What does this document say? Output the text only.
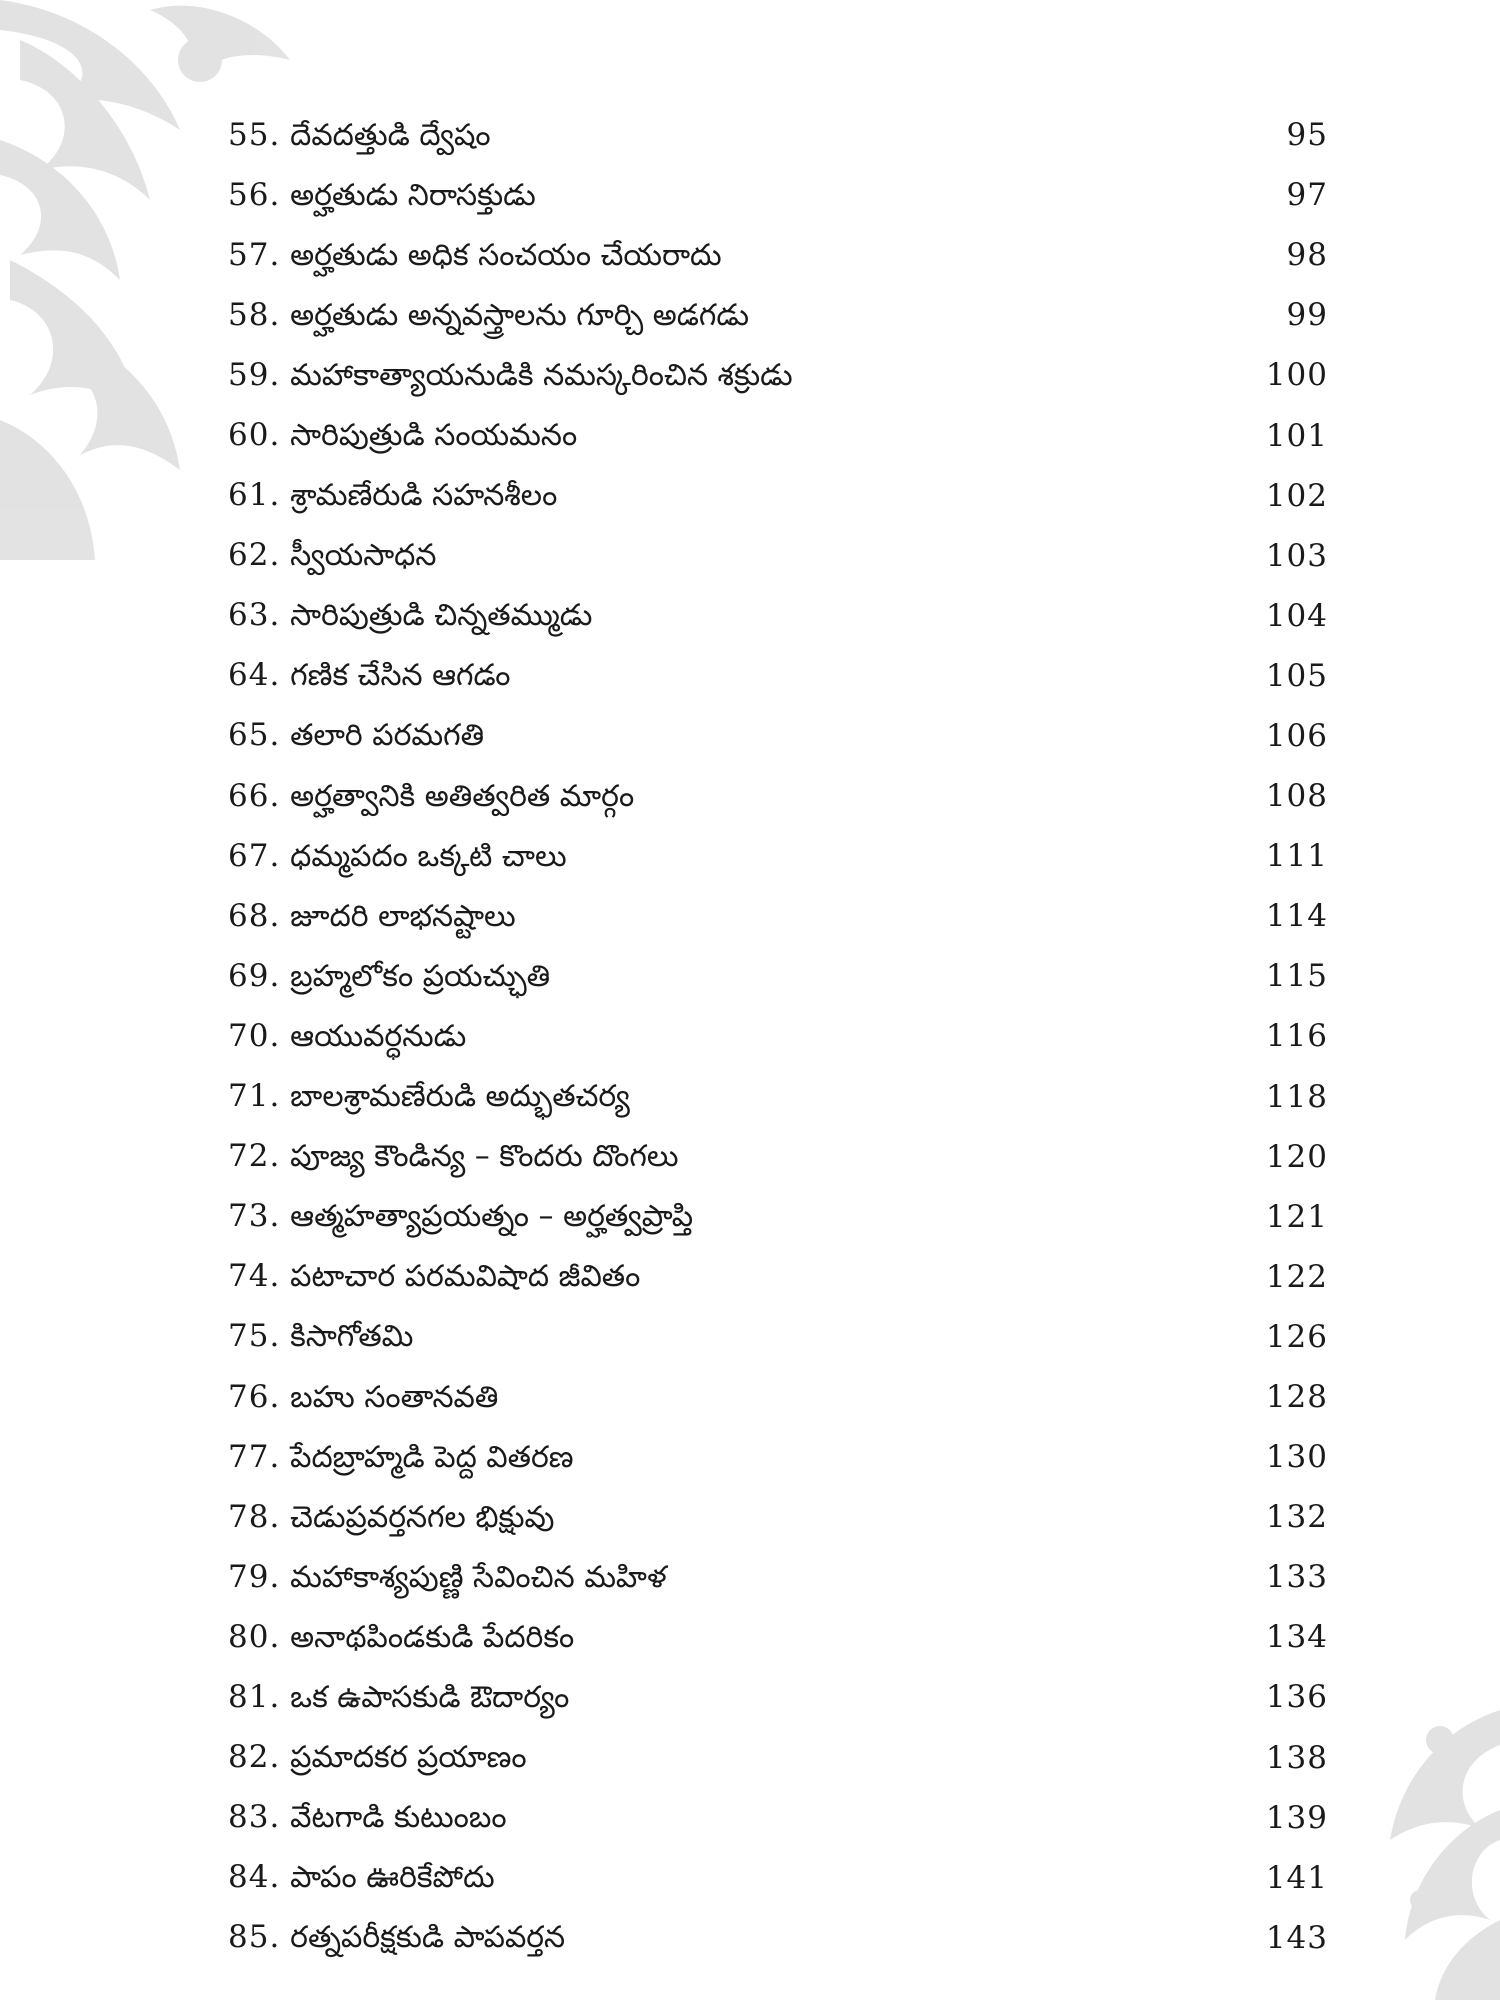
55. దేవదత్తుడి ద్వేషం	95
56. అర్హతుడు నిరాసక్తుడు	97
57. అర్హతుడు అధిక సంచయం చేయరాదు	98
58. అర్హతుడు అన్నవస్త్రాలను గూర్చి అడగడు	99
59. మహాకాత్యాయనుడికి నమస్కరించిన శక్రుడు	100
60. సారిపుత్రుడి సంయమనం	101
61. శ్రామణేరుడి సహనశీలం	102
62. స్వీయసాధన	103
63. సారిపుత్రుడి చిన్నతమ్ముడు	104
64. గణిక చేసిన ఆగడం	105
65. తలారి పరమగతి	106
66. అర్హత్వానికి అతిత్వరిత మార్గం	108
67. ధమ్మపదం ఒక్కటి చాలు	111
68. జూదరి లాభనష్టాలు	114
69. బ్రహ్మలోకం ప్రయచ్ఛుతి	115
70. ఆయువర్ధనుడు	116
71. బాలశ్రామణేరుడి అద్భుతచర్య	118
72. పూజ్య కౌండిన్య – కొందరు దొంగలు	120
73. ఆత్మహత్యాప్రయత్నం – అర్హత్వప్రాప్తి	121
74. పటాచార పరమవిషాద జీవితం	122
75. కిసాగోతమి	126
76. బహు సంతానవతి	128
77. పేదబ్రాహ్మడి పెద్ద వితరణ	130
78. చెడుప్రవర్తనగల భిక్షువు	132
79. మహాకాశ్యపుణ్ణి సేవించిన మహిళ	133
80. అనాథపిండకుడి పేదరికం	134
81. ఒక ఉపాసకుడి ఔదార్యం	136
82. ప్రమాదకర ప్రయాణం	138
83. వేటగాడి కుటుంబం	139
84. పాపం ఊరికేపోదు	141
85. రత్నపరీక్షకుడి పాపవర్తన	143
